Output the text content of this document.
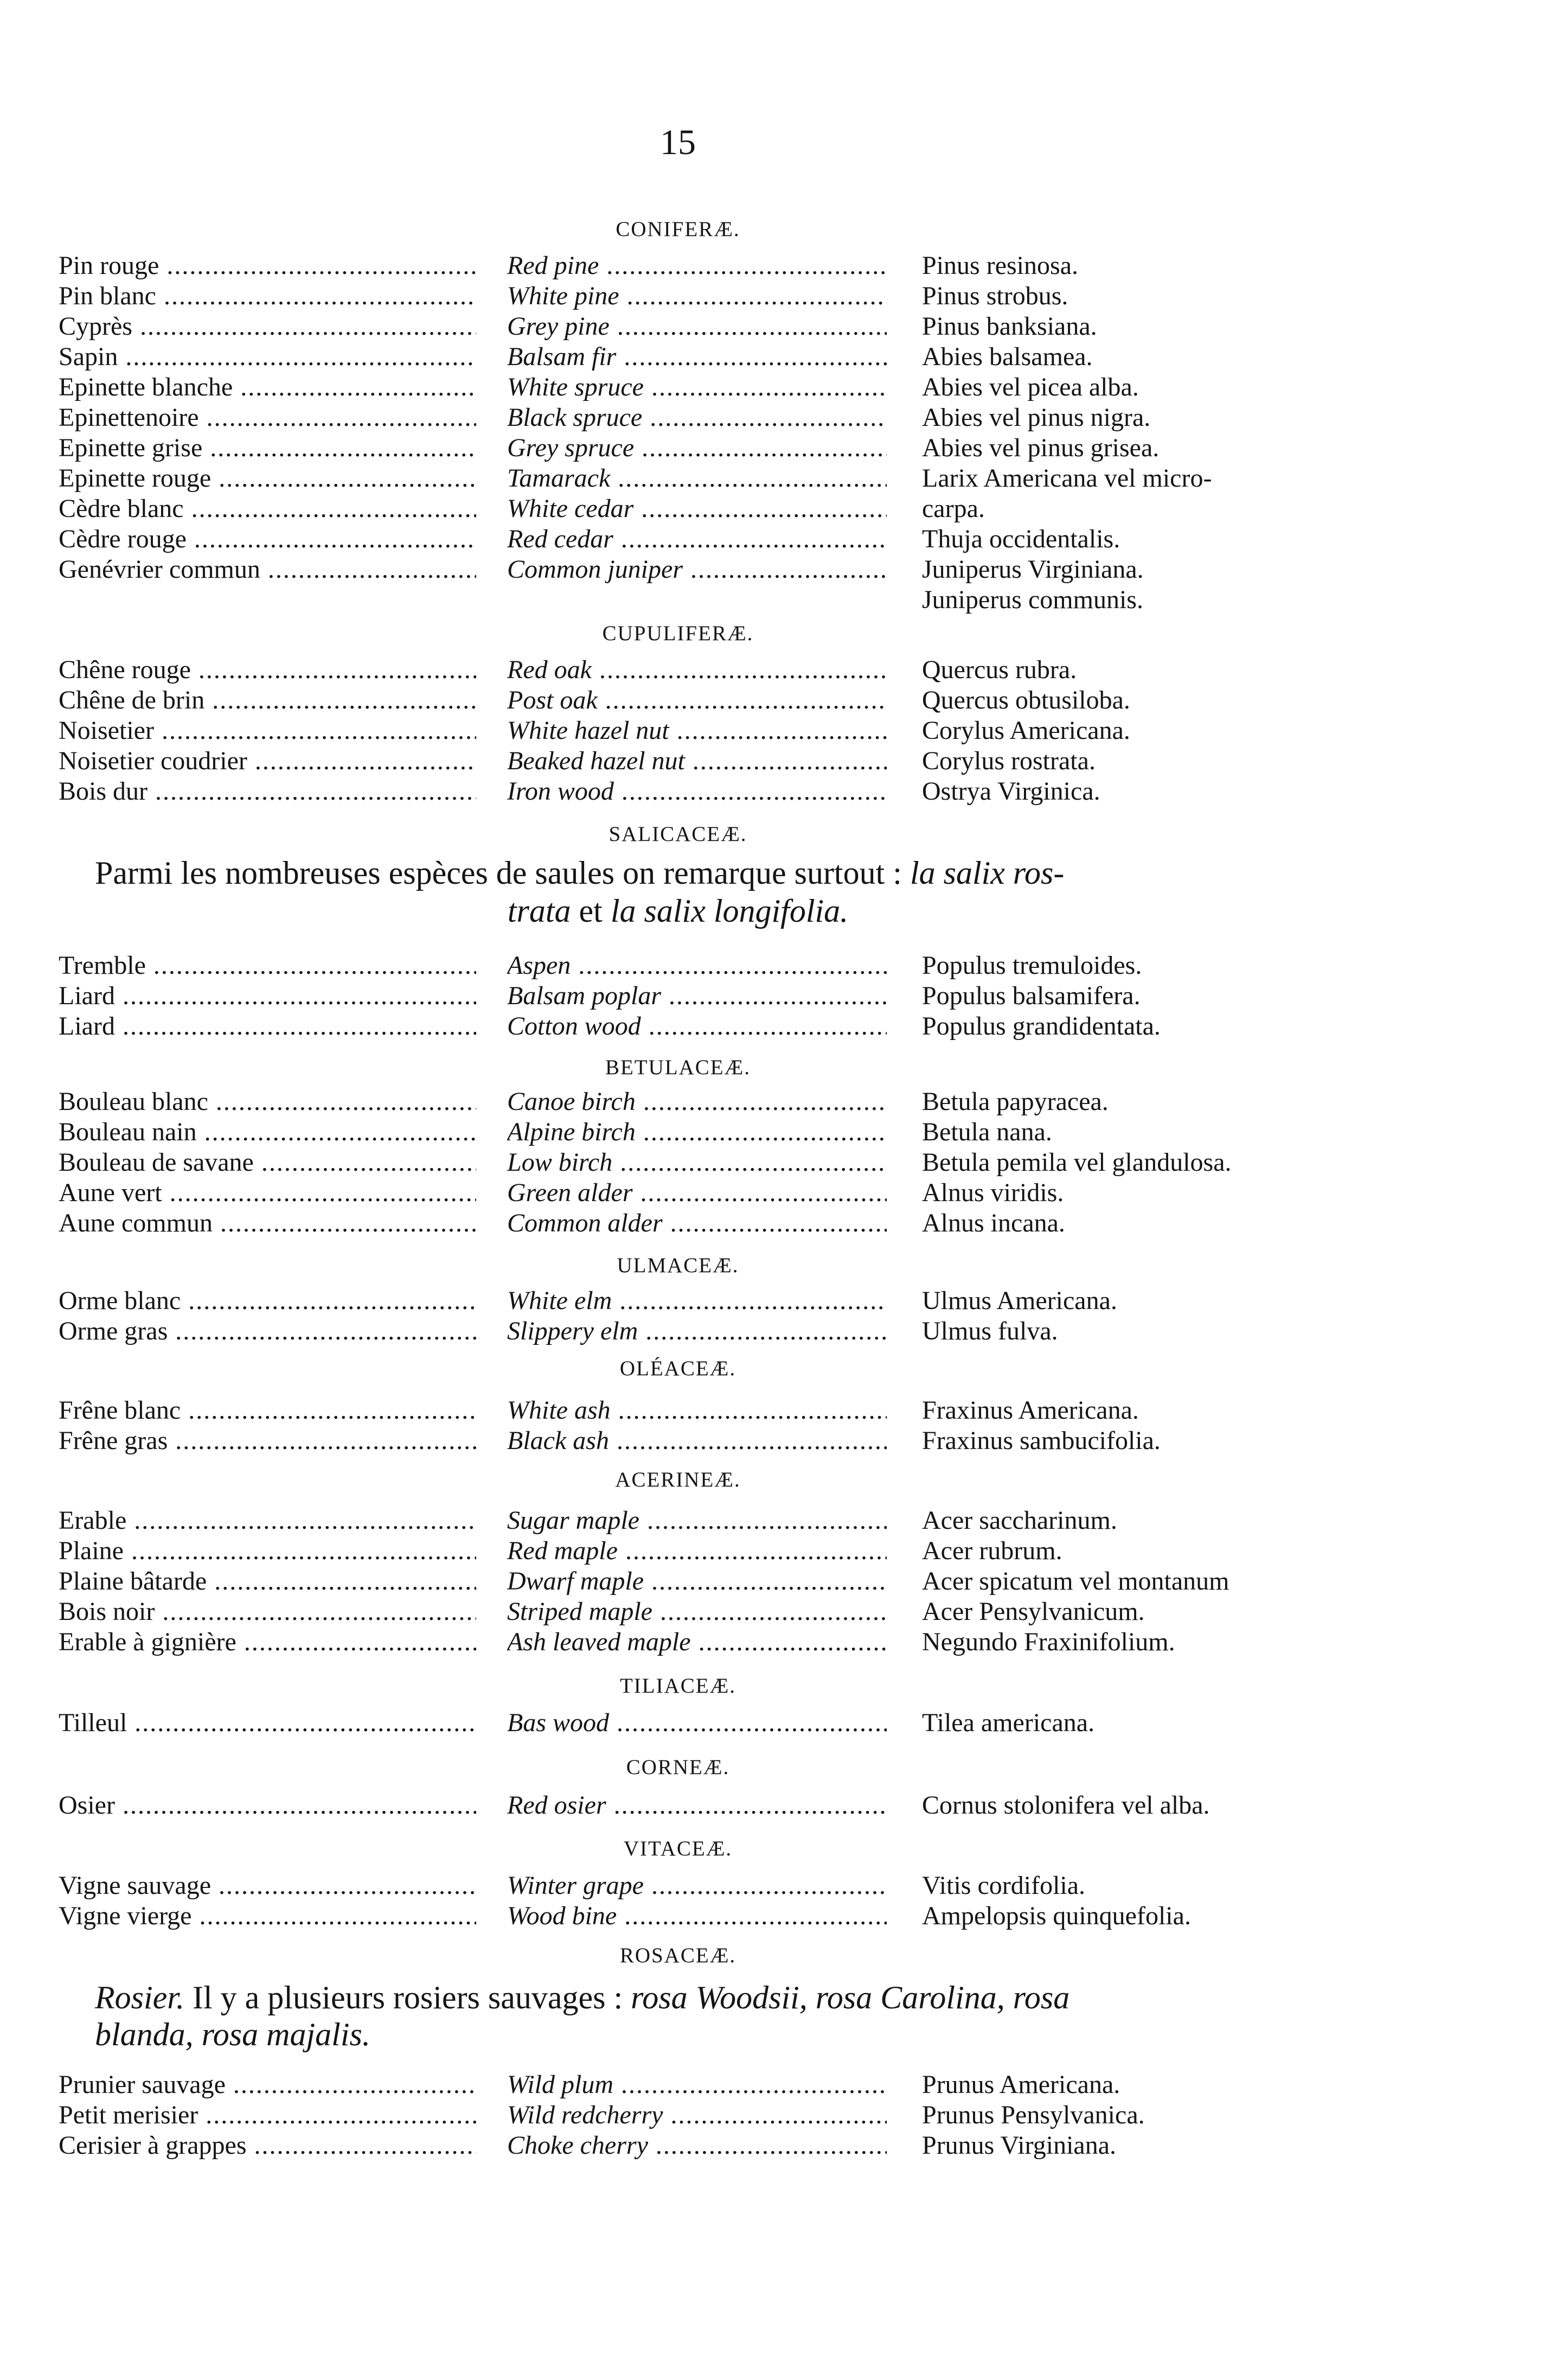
15
CONIFERÆ.
Pin rouge .....	Red pine .....	Pinus resinosa.
Pin blanc .....	White pine .....	Pinus strobus.
Cyprès .....	Grey pine .....	Pinus banksiana.
Sapin .....	Balsam fir .....	Abies balsamea.
Epinette blanche .....	White spruce .....	Abies vel picea alba.
Epinettenoire .....	Black spruce .....	Abies vel pinus nigra.
Epinette grise .....	Grey spruce .....	Abies vel pinus grisea.
Epinette rouge .....	Tamarack .....	Larix Americana vel micro-
Cèdre blanc .....	White cedar .....	carpa.
Cèdre rouge .....	Red cedar .....	Thuja occidentalis.
Genévrier commun .....	Common juniper .....	Juniperus Virginiana.
Juniperus communis.
CUPULIFERÆ.
Chêne rouge .....	Red oak .....	Quercus rubra.
Chêne de brin .....	Post oak .....	Quercus obtusiloba.
Noisetier .....	White hazel nut .....	Corylus Americana.
Noisetier coudrier .....	Beaked hazel nut .....	Corylus rostrata.
Bois dur .....	Iron wood .....	Ostrya Virginica.
SALICACEÆ.
Tremble .....	Aspen .....	Populus tremuloides.
Liard .....	Balsam poplar .....	Populus balsamifera.
Liard .....	Cotton wood .....	Populus grandidentata.
BETULACEÆ.
Bouleau blanc .....	Canoe birch .....	Betula papyracea.
Bouleau nain .....	Alpine birch .....	Betula nana.
Bouleau de savane .....	Low birch .....	Betula pemila vel glandulosa.
Aune vert .....	Green alder .....	Alnus viridis.
Aune commun .....	Common alder .....	Alnus incana.
ULMACEÆ.
Orme blanc .....	White elm .....	Ulmus Americana.
Orme gras .....	Slippery elm .....	Ulmus fulva.
OLÉACEÆ.
Frêne blanc .....	White ash .....	Fraxinus Americana.
Frêne gras .....	Black ash .....	Fraxinus sambucifolia.
ACERINEÆ.
Erable .....	Sugar maple .....	Acer saccharinum.
Plaine .....	Red maple .....	Acer rubrum.
Plaine bâtarde .....	Dwarf maple .....	Acer spicatum vel montanum
Bois noir .....	Striped maple .....	Acer Pensylvanicum.
Erable à gignière .....	Ash leaved maple .....	Negundo Fraxinifolium.
TILIACEÆ.
Tilleul .....	Bas wood .....	Tilea americana.
CORNEÆ.
Osier .....	Red osier .....	Cornus stolonifera vel alba.
VITACEÆ.
Vigne sauvage .....	Winter grape .....	Vitis cordifolia.
Vigne vierge .....	Wood bine .....	Ampelopsis quinquefolia.
ROSACEÆ.
Prunier sauvage .....	Wild plum .....	Prunus Americana.
Petit merisier .....	Wild redcherry .....	Prunus Pensylvanica.
Cerisier à grappes .....	Choke cherry .....	Prunus Virginiana.
Parmi les nombreuses espèces de saules on remarque surtout : la salix ros-
trata et la salix longifolia.
Rosier. Il y a plusieurs rosiers sauvages : rosa Woodsii, rosa Carolina, rosa
blanda, rosa majalis.
